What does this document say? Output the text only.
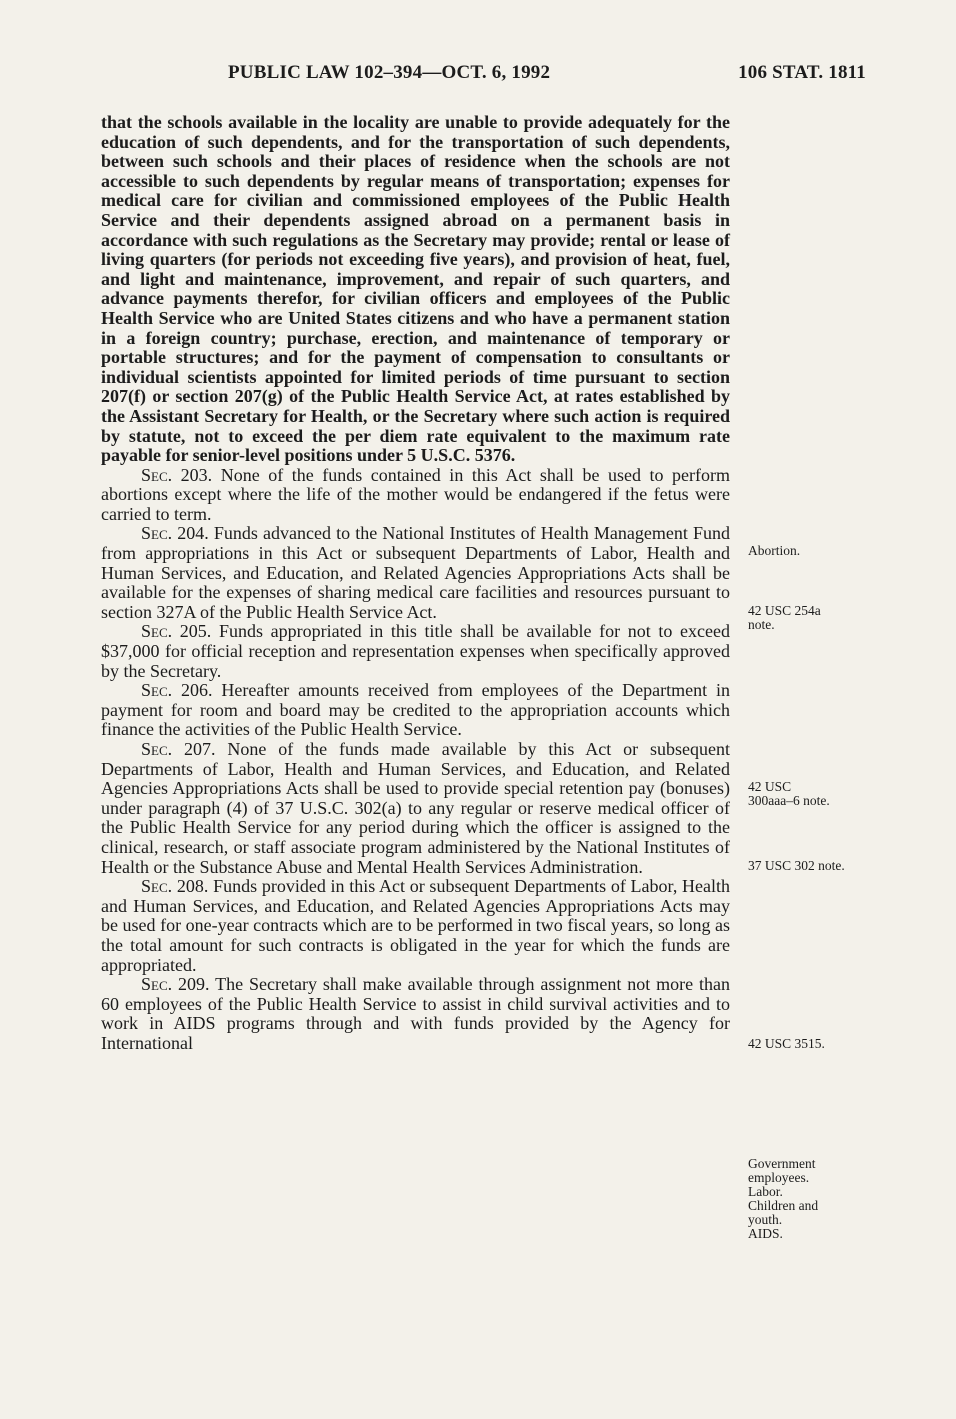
PUBLIC LAW 102–394—OCT. 6, 1992	106 STAT. 1811

that the schools available in the locality are unable to provide adequately for the education of such dependents, and for the transportation of such dependents, between such schools and their places of residence when the schools are not accessible to such dependents by regular means of transportation; expenses for medical care for civilian and commissioned employees of the Public Health Service and their dependents assigned abroad on a permanent basis in accordance with such regulations as the Secretary may provide; rental or lease of living quarters (for periods not exceeding five years), and provision of heat, fuel, and light and maintenance, improvement, and repair of such quarters, and advance payments therefor, for civilian officers and employees of the Public Health Service who are United States citizens and who have a permanent station in a foreign country; purchase, erection, and maintenance of temporary or portable structures; and for the payment of compensation to consultants or individual scientists appointed for limited periods of time pursuant to section 207(f) or section 207(g) of the Public Health Service Act, at rates established by the Assistant Secretary for Health, or the Secretary where such action is required by statute, not to exceed the per diem rate equivalent to the maximum rate payable for senior-level positions under 5 U.S.C. 5376.

Sec. 203. None of the funds contained in this Act shall be used to perform abortions except where the life of the mother would be endangered if the fetus were carried to term.

Sec. 204. Funds advanced to the National Institutes of Health Management Fund from appropriations in this Act or subsequent Departments of Labor, Health and Human Services, and Education, and Related Agencies Appropriations Acts shall be available for the expenses of sharing medical care facilities and resources pursuant to section 327A of the Public Health Service Act.

Sec. 205. Funds appropriated in this title shall be available for not to exceed $37,000 for official reception and representation expenses when specifically approved by the Secretary.

Sec. 206. Hereafter amounts received from employees of the Department in payment for room and board may be credited to the appropriation accounts which finance the activities of the Public Health Service.

Sec. 207. None of the funds made available by this Act or subsequent Departments of Labor, Health and Human Services, and Education, and Related Agencies Appropriations Acts shall be used to provide special retention pay (bonuses) under paragraph (4) of 37 U.S.C. 302(a) to any regular or reserve medical officer of the Public Health Service for any period during which the officer is assigned to the clinical, research, or staff associate program administered by the National Institutes of Health or the Substance Abuse and Mental Health Services Administration.

Sec. 208. Funds provided in this Act or subsequent Departments of Labor, Health and Human Services, and Education, and Related Agencies Appropriations Acts may be used for one-year contracts which are to be performed in two fiscal years, so long as the total amount for such contracts is obligated in the year for which the funds are appropriated.

Sec. 209. The Secretary shall make available through assignment not more than 60 employees of the Public Health Service to assist in child survival activities and to work in AIDS programs through and with funds provided by the Agency for International

Abortion.
42 USC 254a
note.
42 USC
300aaa–6 note.
37 USC 302 note.
42 USC 3515.
Government
employees.
Labor.
Children and
youth.
AIDS.
